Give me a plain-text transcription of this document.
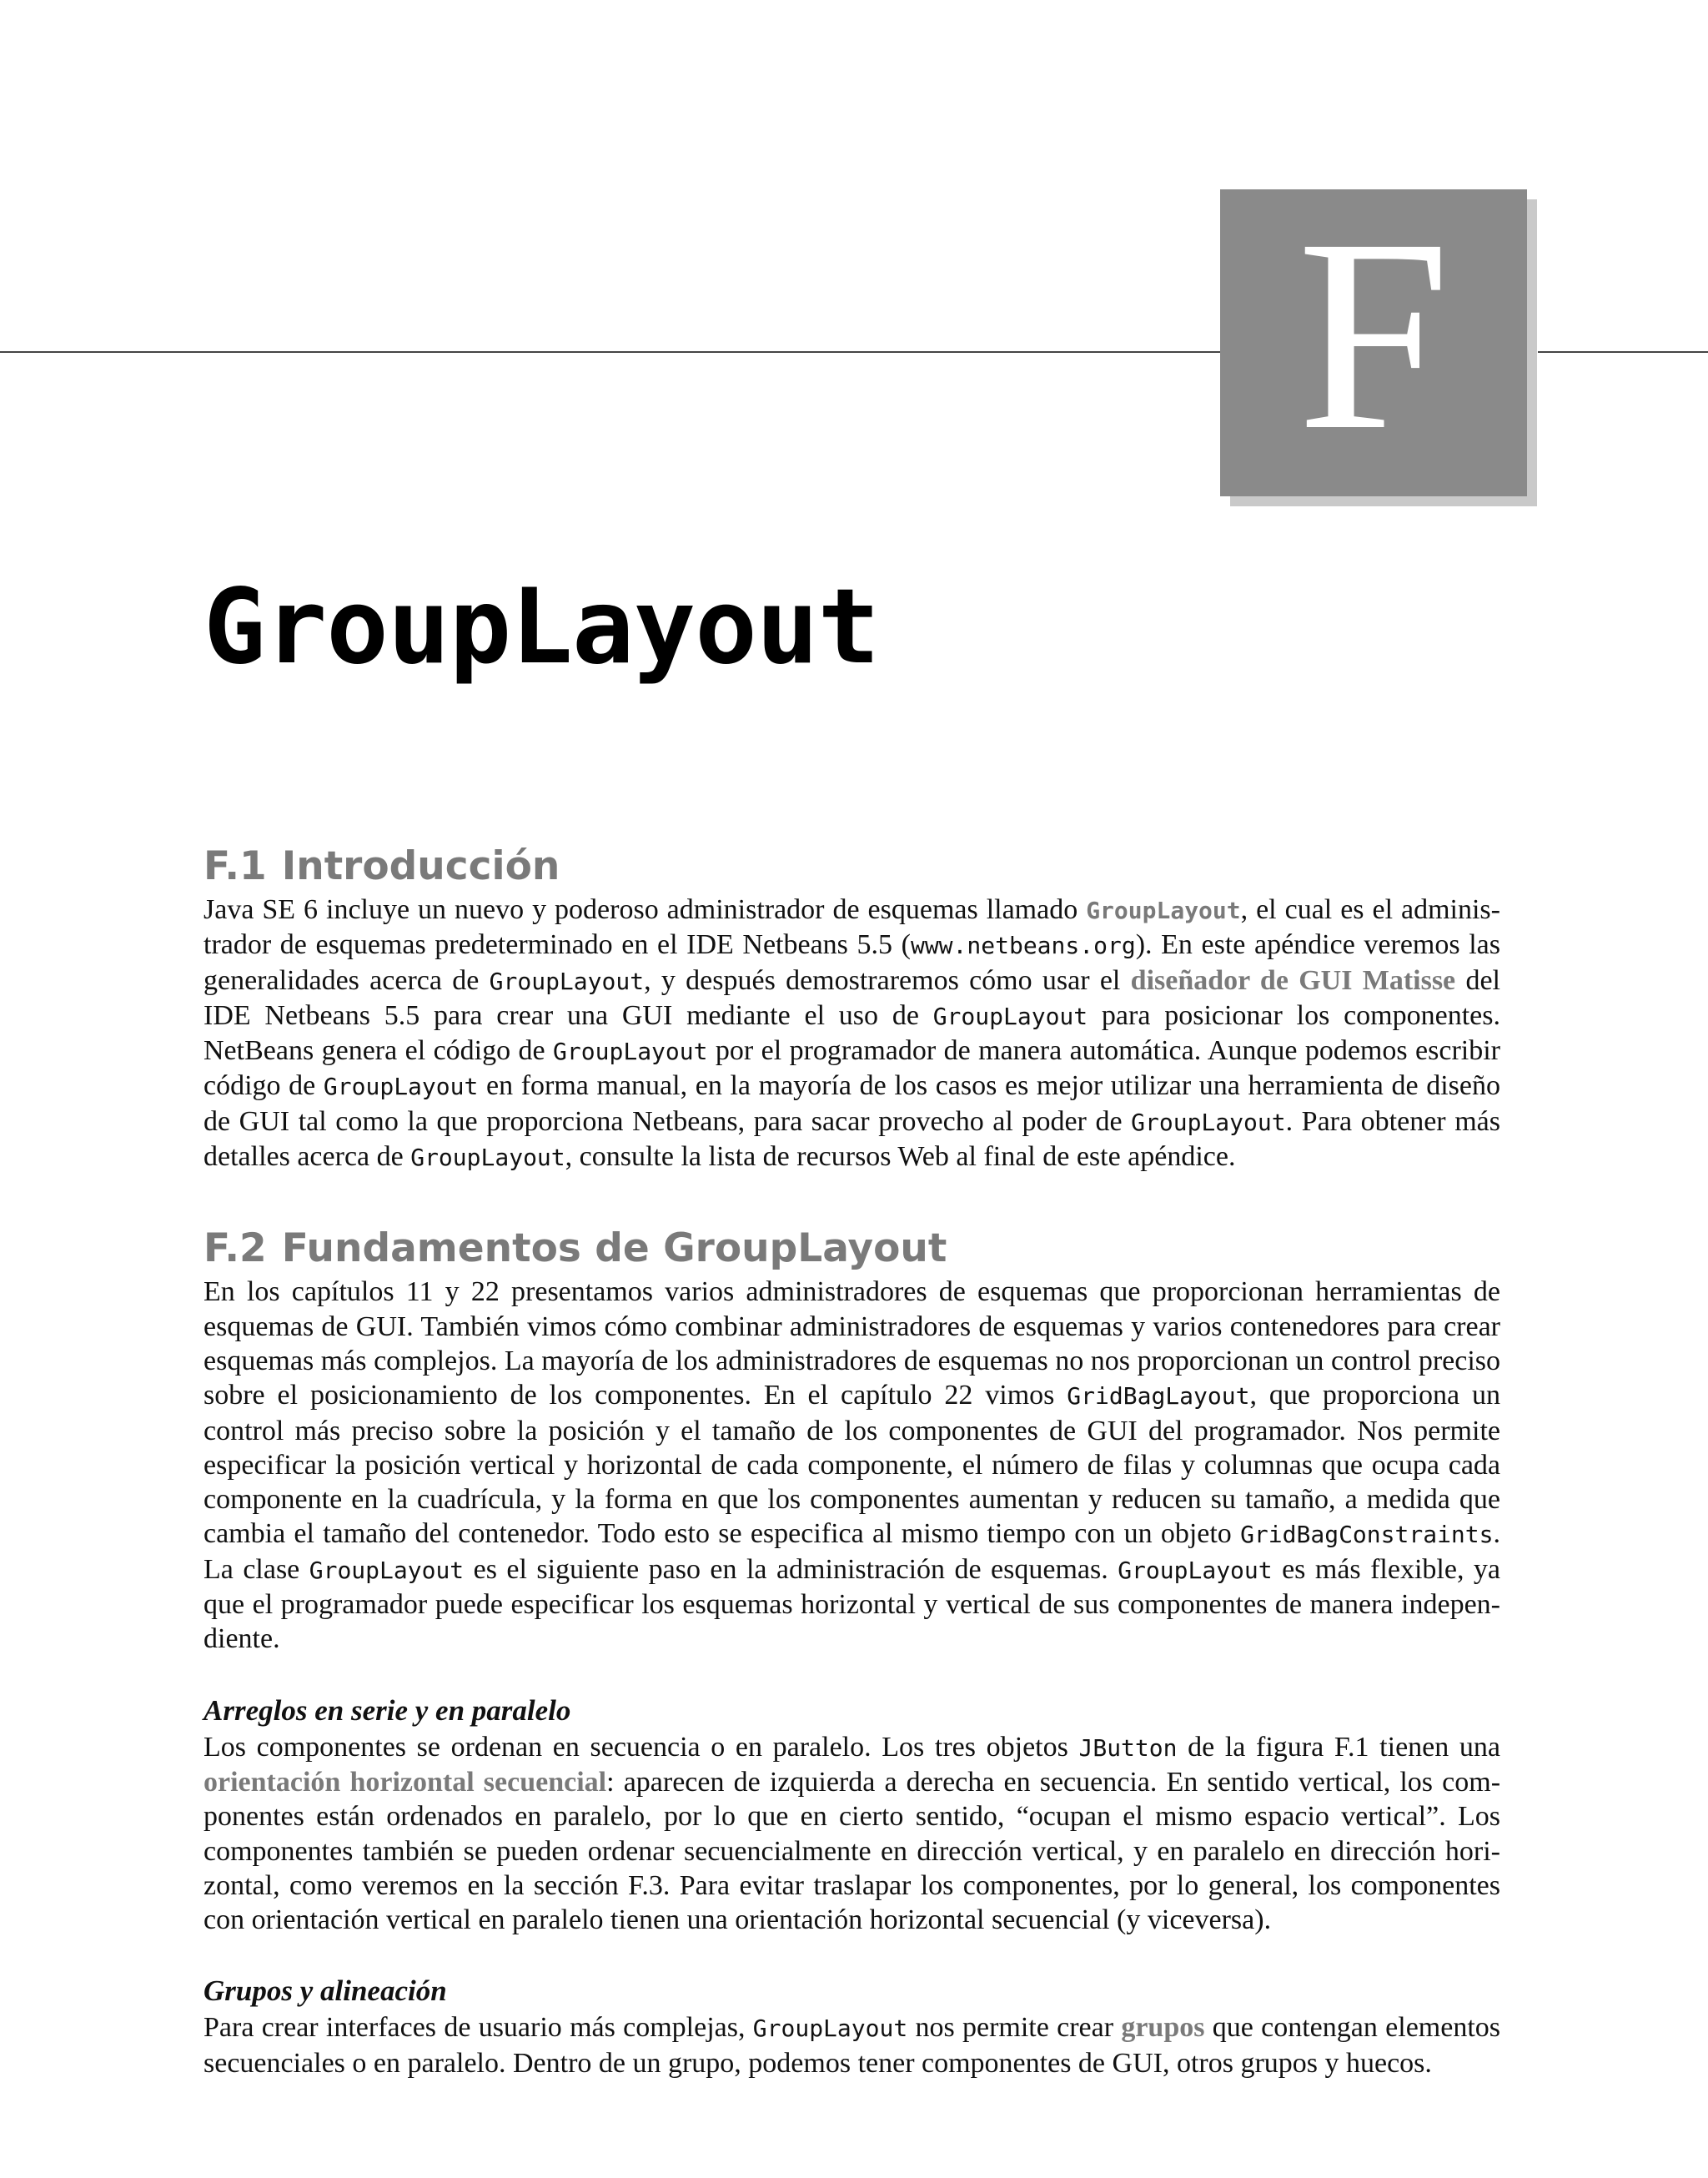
F
GroupLayout
F.1 Introducción

Java SE 6 incluye un nuevo y poderoso administrador de esquemas llamado GroupLayout, el cual es el administrador de esquemas predeterminado en el IDE Netbeans 5.5 (www.netbeans.org). En este apéndice veremos las generalidades acerca de GroupLayout, y después demostraremos cómo usar el diseñador de GUI Matisse del IDE Netbeans 5.5 para crear una GUI mediante el uso de GroupLayout para posicionar los componentes. NetBeans genera el código de GroupLayout por el programador de manera automática. Aunque podemos escribir código de GroupLayout en forma manual, en la mayoría de los casos es mejor utilizar una herramienta de diseño de GUI tal como la que proporciona Netbeans, para sacar provecho al poder de GroupLayout. Para obtener más detalles acerca de GroupLayout, consulte la lista de recursos Web al final de este apéndice.

F.2 Fundamentos de GroupLayout

En los capítulos 11 y 22 presentamos varios administradores de esquemas que proporcionan herramientas de esquemas de GUI. También vimos cómo combinar administradores de esquemas y varios contenedores para crear esquemas más complejos. La mayoría de los administradores de esquemas no nos proporcionan un control preciso sobre el posicionamiento de los componentes. En el capítulo 22 vimos GridBagLayout, que proporciona un control más preciso sobre la posición y el tamaño de los componentes de GUI del programador. Nos permite especificar la posición vertical y horizontal de cada componente, el número de filas y columnas que ocupa cada componente en la cuadrícula, y la forma en que los componentes aumentan y reducen su tamaño, a medida que cambia el tamaño del contenedor. Todo esto se especifica al mismo tiempo con un objeto GridBagConstraints. La clase GroupLayout es el siguiente paso en la administración de esquemas. GroupLayout es más flexible, ya que el programador puede especificar los esquemas horizontal y vertical de sus componentes de manera independiente.

Arreglos en serie y en paralelo

Los componentes se ordenan en secuencia o en paralelo. Los tres objetos JButton de la figura F.1 tienen una orientación horizontal secuencial: aparecen de izquierda a derecha en secuencia. En sentido vertical, los componentes están ordenados en paralelo, por lo que en cierto sentido, “ocupan el mismo espacio vertical”. Los componentes también se pueden ordenar secuencialmente en dirección vertical, y en paralelo en dirección horizontal, como veremos en la sección F.3. Para evitar traslapar los componentes, por lo general, los componentes con orientación vertical en paralelo tienen una orientación horizontal secuencial (y viceversa).

Grupos y alineación

Para crear interfaces de usuario más complejas, GroupLayout nos permite crear grupos que contengan elementos secuenciales o en paralelo. Dentro de un grupo, podemos tener componentes de GUI, otros grupos y huecos.
